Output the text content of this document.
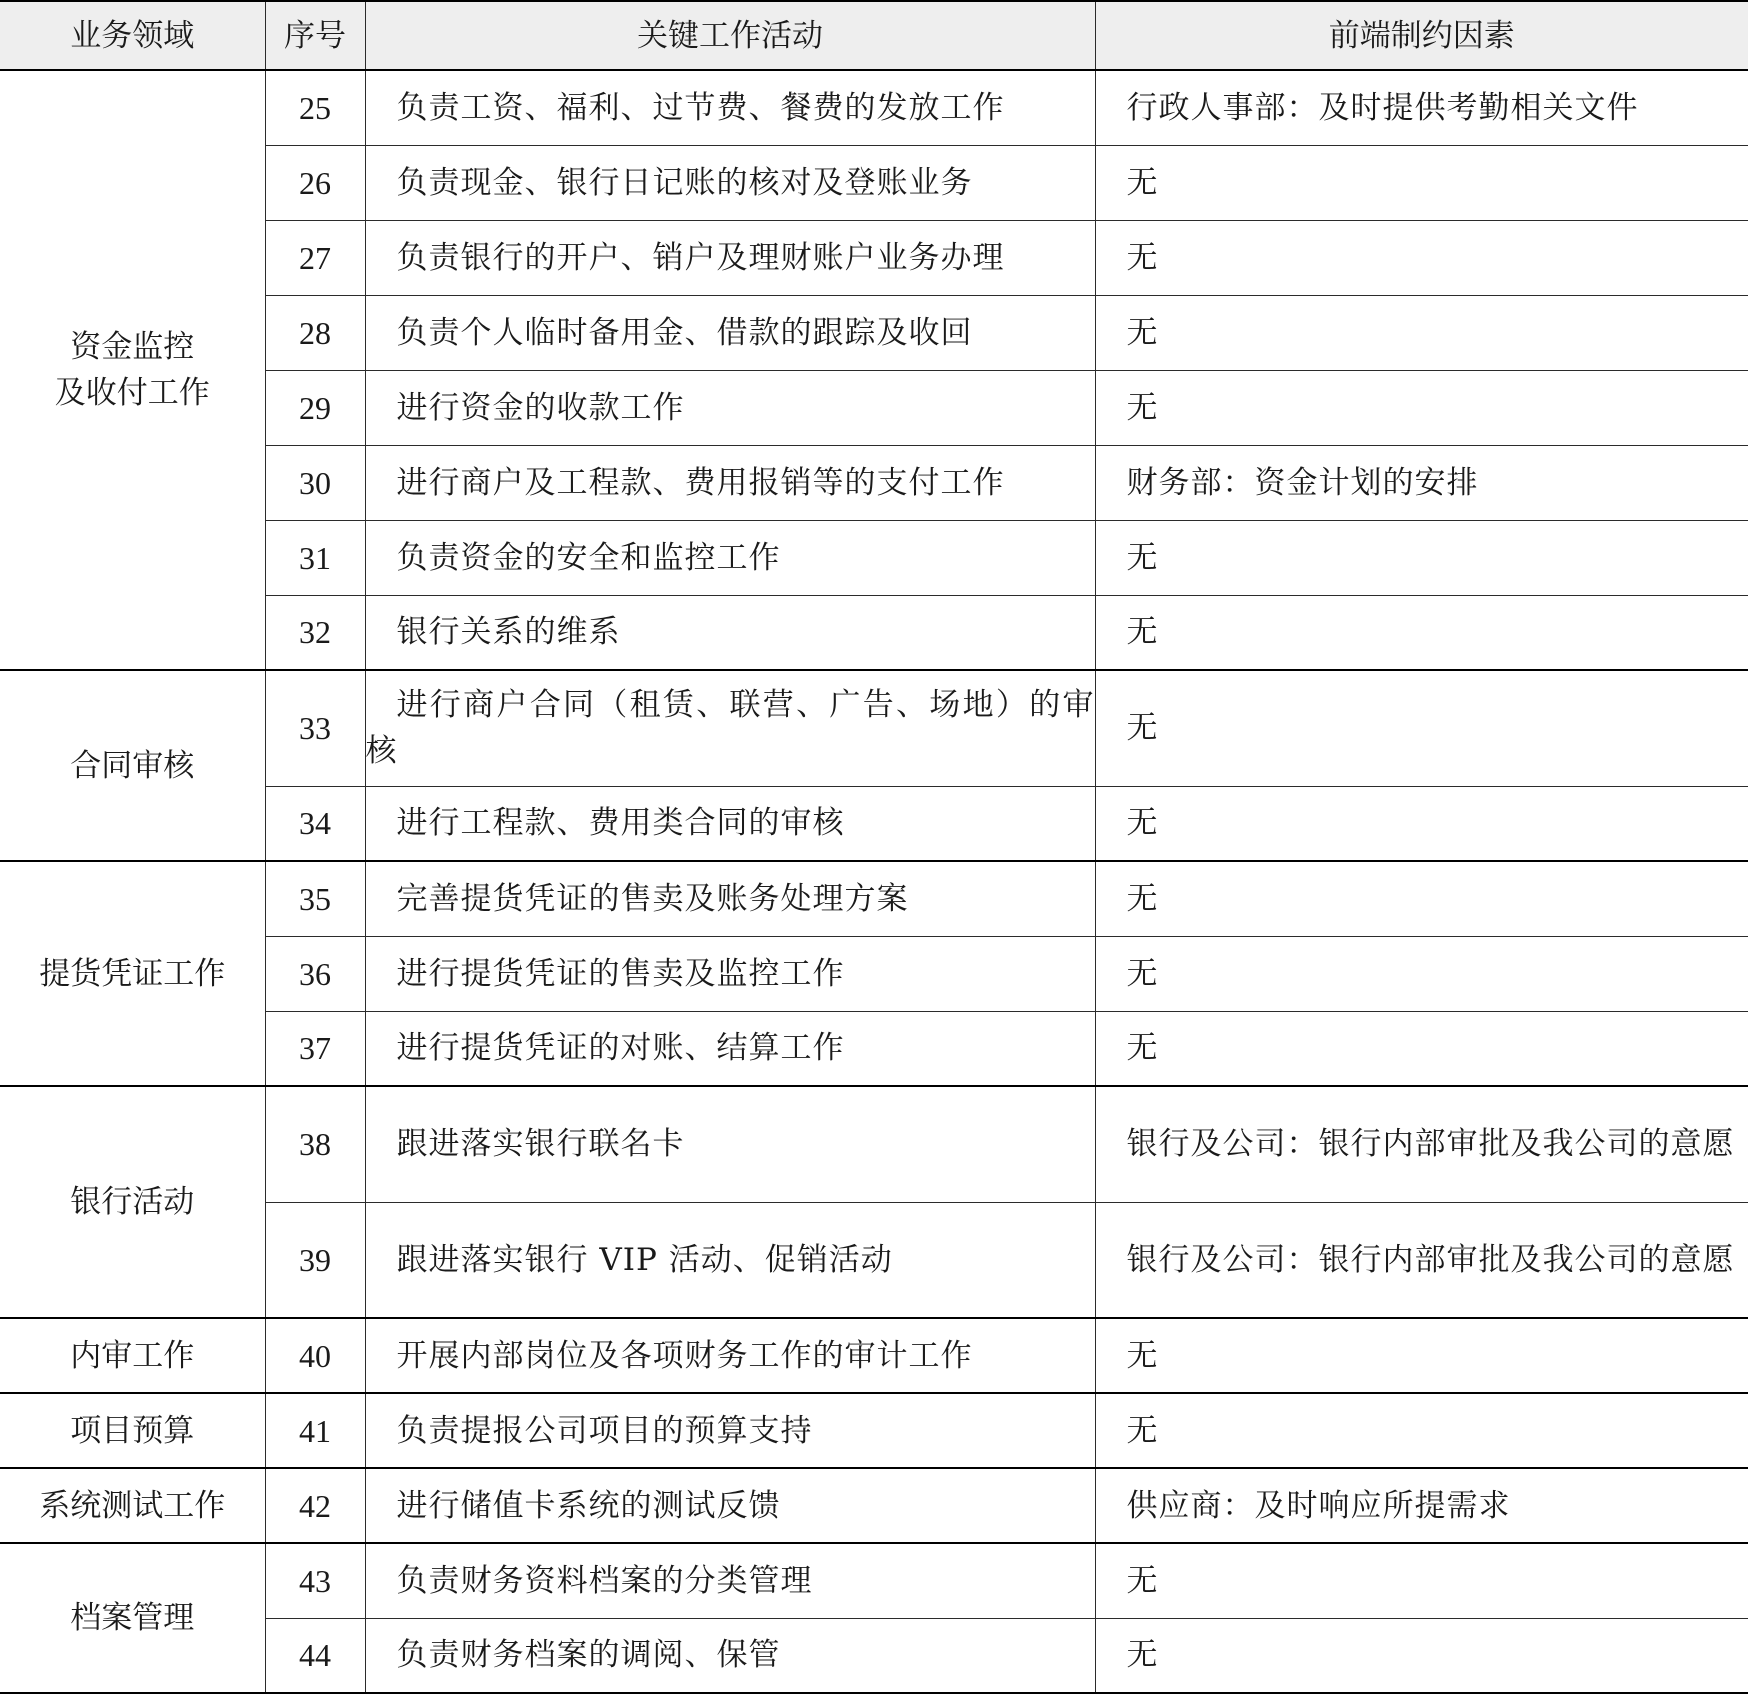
业务领域	序号	关键工作活动	前端制约因素

资金监控
及收付工作	25	负责工资、福利、过节费、餐费的发放工作	行政人事部：及时提供考勤相关文件
	26	负责现金、银行日记账的核对及登账业务	无
	27	负责银行的开户、销户及理财账户业务办理	无
	28	负责个人临时备用金、借款的跟踪及收回	无
	29	进行资金的收款工作	无
	30	进行商户及工程款、费用报销等的支付工作	财务部：资金计划的安排
	31	负责资金的安全和监控工作	无
	32	银行关系的维系	无

合同审核	33	进行商户合同（租赁、联营、广告、场地）的审核	无
	34	进行工程款、费用类合同的审核	无

提货凭证工作	35	完善提货凭证的售卖及账务处理方案	无
	36	进行提货凭证的售卖及监控工作	无
	37	进行提货凭证的对账、结算工作	无

银行活动	38	跟进落实银行联名卡	银行及公司：银行内部审批及我公司的意愿
	39	跟进落实银行 VIP 活动、促销活动	银行及公司：银行内部审批及我公司的意愿

内审工作	40	开展内部岗位及各项财务工作的审计工作	无

项目预算	41	负责提报公司项目的预算支持	无

系统测试工作	42	进行储值卡系统的测试反馈	供应商：及时响应所提需求

档案管理	43	负责财务资料档案的分类管理	无
	44	负责财务档案的调阅、保管	无
